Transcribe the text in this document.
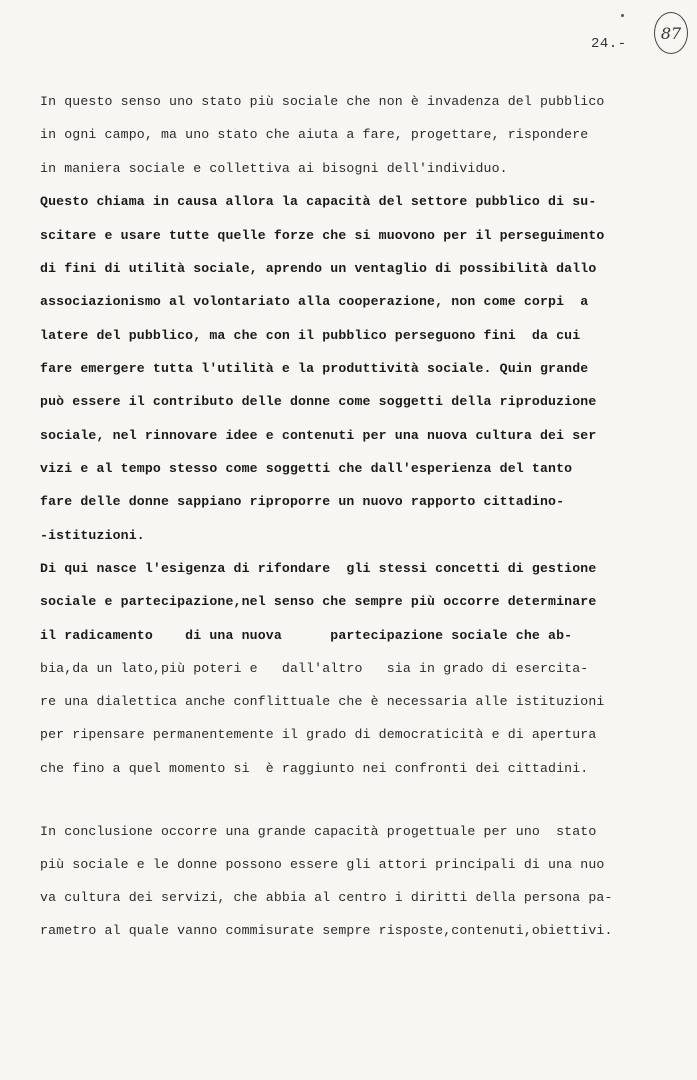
24.-
87
In questo senso uno stato più sociale che non è invadenza del pubblico
in ogni campo, ma uno stato che aiuta a fare, progettare, rispondere
in maniera sociale e collettiva ai bisogni dell'individuo.
Questo chiama in causa allora la capacità del settore pubblico di su-
scitare e usare tutte quelle forze che si muovono per il perseguimento
di fini di utilità sociale, aprendo un ventaglio di possibilità dallo
associazionismo al volontariato alla cooperazione, non come corpi  a
latere del pubblico, ma che con il pubblico perseguono fini  da cui
fare emergere tutta l'utilità e la produttività sociale. Quin grande
può essere il contributo delle donne come soggetti della riproduzione
sociale, nel rinnovare idee e contenuti per una nuova cultura dei ser
vizi e al tempo stesso come soggetti che dall'esperienza del tanto
fare delle donne sappiano riproporre un nuovo rapporto cittadino-
-istituzioni.
Di qui nasce l'esigenza di rifondare  gli stessi concetti di gestione
sociale e partecipazione,nel senso che sempre più occorre determinare
il radicamento    di una nuova      partecipazione sociale che ab-
bia,da un lato,più poteri e   dall'altro   sia in grado di esercita-
re una dialettica anche conflittuale che è necessaria alle istituzioni
per ripensare permanentemente il grado di democraticità e di apertura
che fino a quel momento si  è raggiunto nei confronti dei cittadini.
In conclusione occorre una grande capacità progettuale per uno  stato
più sociale e le donne possono essere gli attori principali di una nuo
va cultura dei servizi, che abbia al centro i diritti della persona pa-
rametro al quale vanno commisurate sempre risposte,contenuti,obiettivi.
